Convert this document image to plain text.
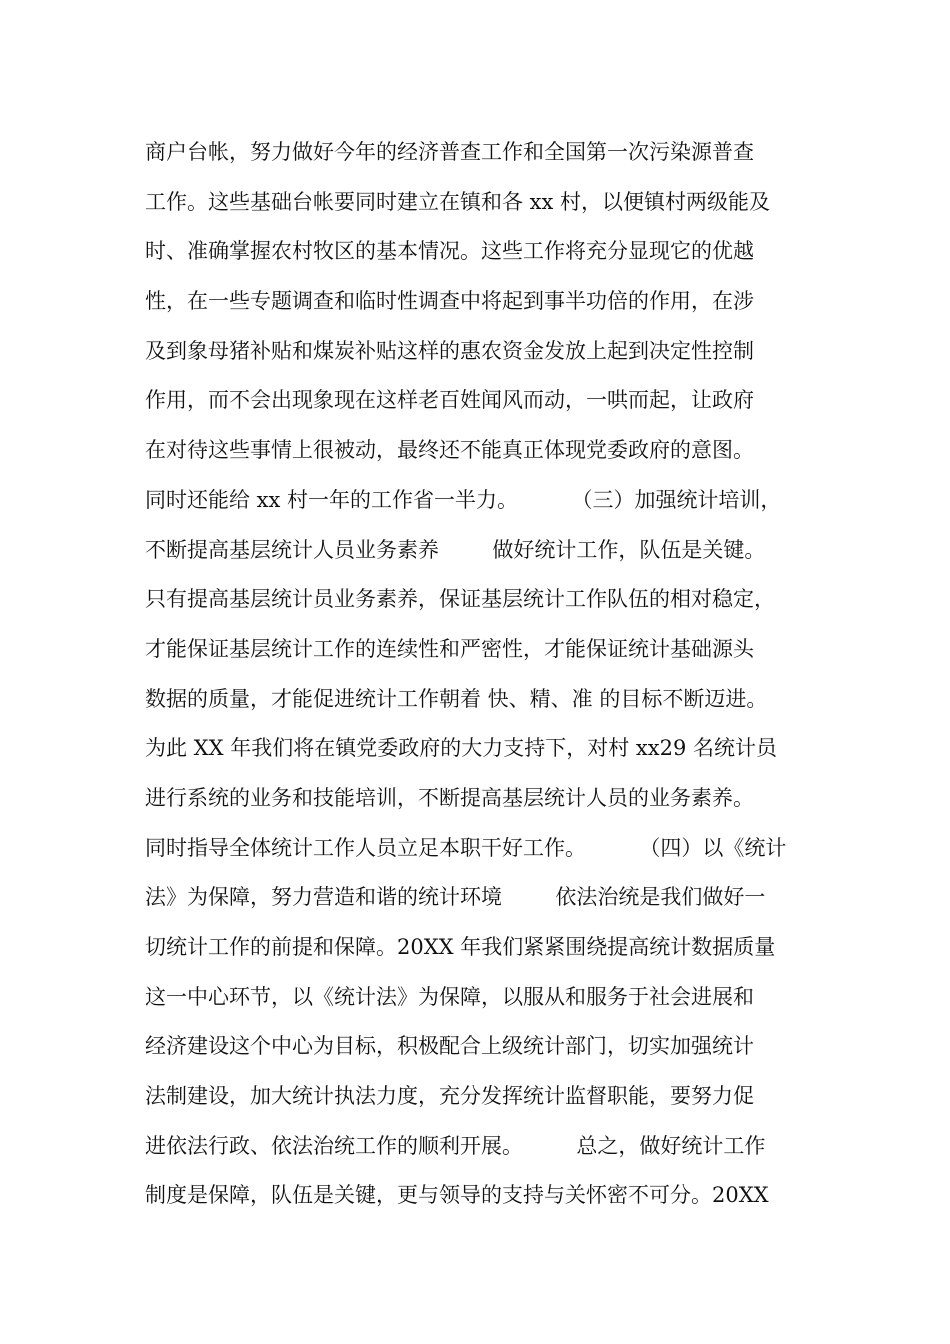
商户台帐，努力做好今年的经济普查工作和全国第一次污染源普查
工作。这些基础台帐要同时建立在镇和各 xx 村，以便镇村两级能及
时、准确掌握农村牧区的基本情况。这些工作将充分显现它的优越
性，在一些专题调查和临时性调查中将起到事半功倍的作用，在涉
及到象母猪补贴和煤炭补贴这样的惠农资金发放上起到决定性控制
作用，而不会出现象现在这样老百姓闻风而动，一哄而起，让政府
在对待这些事情上很被动，最终还不能真正体现党委政府的意图。
同时还能给 xx 村一年的工作省一半力。        （三）加强统计培训，
不断提高基层统计人员业务素养        做好统计工作，队伍是关键。
只有提高基层统计员业务素养，保证基层统计工作队伍的相对稳定，
才能保证基层统计工作的连续性和严密性，才能保证统计基础源头
数据的质量，才能促进统计工作朝着 快、精、准 的目标不断迈进。
为此 XX 年我们将在镇党委政府的大力支持下，对村 xx29 名统计员
进行系统的业务和技能培训，不断提高基层统计人员的业务素养。
同时指导全体统计工作人员立足本职干好工作。        （四）以《统计
法》为保障，努力营造和谐的统计环境        依法治统是我们做好一
切统计工作的前提和保障。20XX 年我们紧紧围绕提高统计数据质量
这一中心环节，以《统计法》为保障，以服从和服务于社会进展和
经济建设这个中心为目标，积极配合上级统计部门，切实加强统计
法制建设，加大统计执法力度，充分发挥统计监督职能，要努力促
进依法行政、依法治统工作的顺利开展。        总之，做好统计工作
制度是保障，队伍是关键，更与领导的支持与关怀密不可分。20XX
